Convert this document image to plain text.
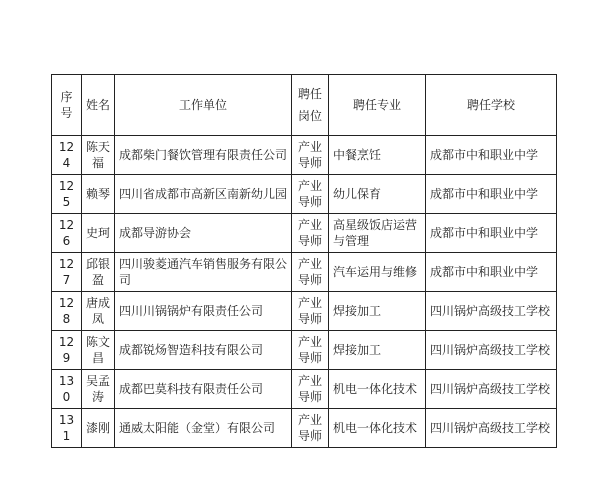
序号	姓名	工作单位	聘任岗位	聘任专业	聘任学校

124	陈天福	成都柴门餐饮管理有限责任公司	产业导师	中餐烹饪	成都市中和职业中学

125	赖琴	四川省成都市高新区南新幼儿园	产业导师	幼儿保育	成都市中和职业中学

126	史珂	成都导游协会	产业导师	高星级饭店运营与管理	成都市中和职业中学

127	邱银盈	四川骏菱通汽车销售服务有限公司	产业导师	汽车运用与维修	成都市中和职业中学

128	唐成凤	四川川锅锅炉有限责任公司	产业导师	焊接加工	四川锅炉高级技工学校

129	陈文昌	成都锐炀智造科技有限公司	产业导师	焊接加工	四川锅炉高级技工学校

130	吴孟涛	成都巴莫科技有限责任公司	产业导师	机电一体化技术	四川锅炉高级技工学校

131	漆刚	通威太阳能（金堂）有限公司	产业导师	机电一体化技术	四川锅炉高级技工学校
